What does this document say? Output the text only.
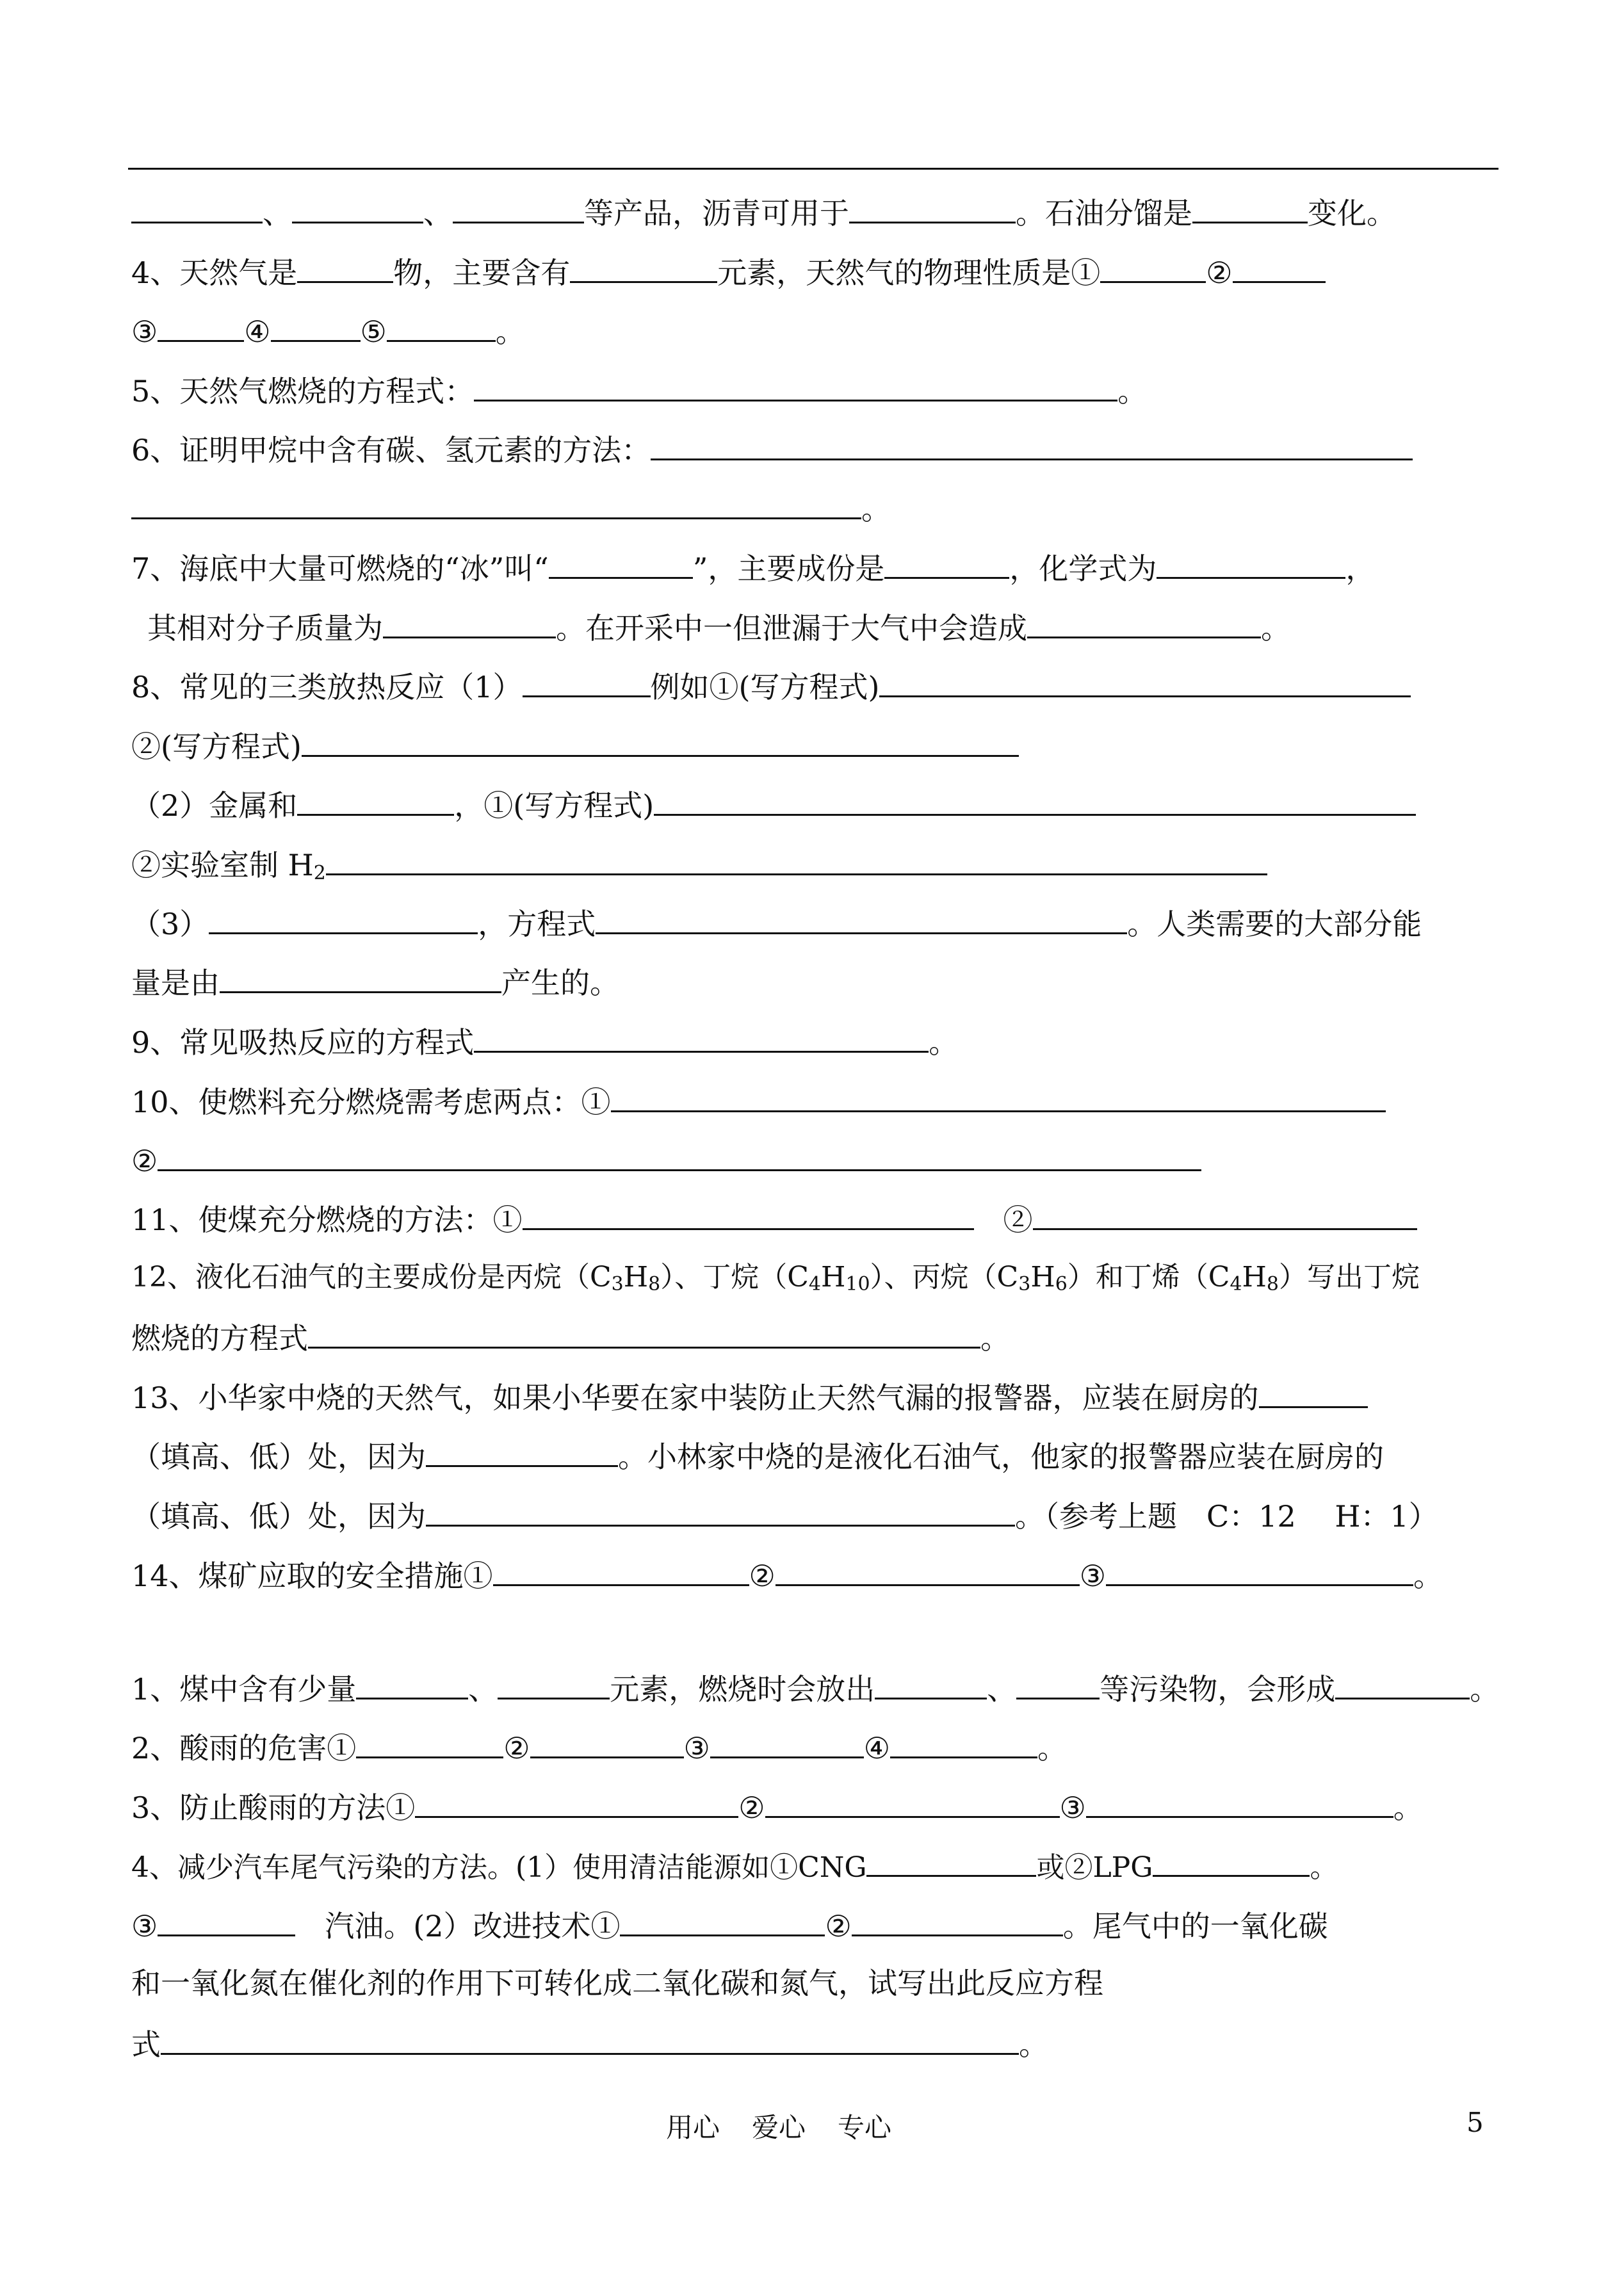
、	、	等产品，沥青可用于	。石油分馏是	变化。
4、天然气是	物，主要含有	元素，天然气的物理性质是①	②
③	④	⑤	。
5、天然气燃烧的方程式：	。
6、证明甲烷中含有碳、氢元素的方法：
。
7、海底中大量可燃烧的“冰”叫“	”，主要成份是	，化学式为	，
其相对分子质量为	。在开采中一但泄漏于大气中会造成	。
8、常见的三类放热反应（1）	例如①(写方程式)
②(写方程式)
（2）金属和	，①(写方程式)
②实验室制 $H_2$
（3）	，方程式	。人类需要的大部分能
量是由	产生的。
9、常见吸热反应的方程式	。
10、使燃料充分燃烧需考虑两点：①
②
11、使煤充分燃烧的方法：①　	②
12、液化石油气的主要成份是丙烷$(C_3H_8)$、丁烷$(C_4H_{10})$、丙烷$(C_3H_6)$和丁烯$(C_4H_8)$写出丁烷
燃烧的方程式	。
13、小华家中烧的天然气，如果小华要在家中装防止天然气漏的报警器，应装在厨房的
（填高、低）处，因为	。小林家中烧的是液化石油气，他家的报警器应装在厨房的
（填高、低）处，因为	。（参考上题　C：12　 H：1）
14、煤矿应取的安全措施①	②	③	。
1、煤中含有少量	、	元素，燃烧时会放出	、	等污染物，会形成	。
2、酸雨的危害①	②	③	④	。
3、防止酸雨的方法①	②	③	。
4、减少汽车尾气污染的方法。(1）使用清洁能源如①CNG	或②LPG	。
③　	汽油。(2）改进技术①	②	。尾气中的一氧化碳
和一氧化氮在催化剂的作用下可转化成二氧化碳和氮气，试写出此反应方程
式	。
用心 爱心 专心	5
